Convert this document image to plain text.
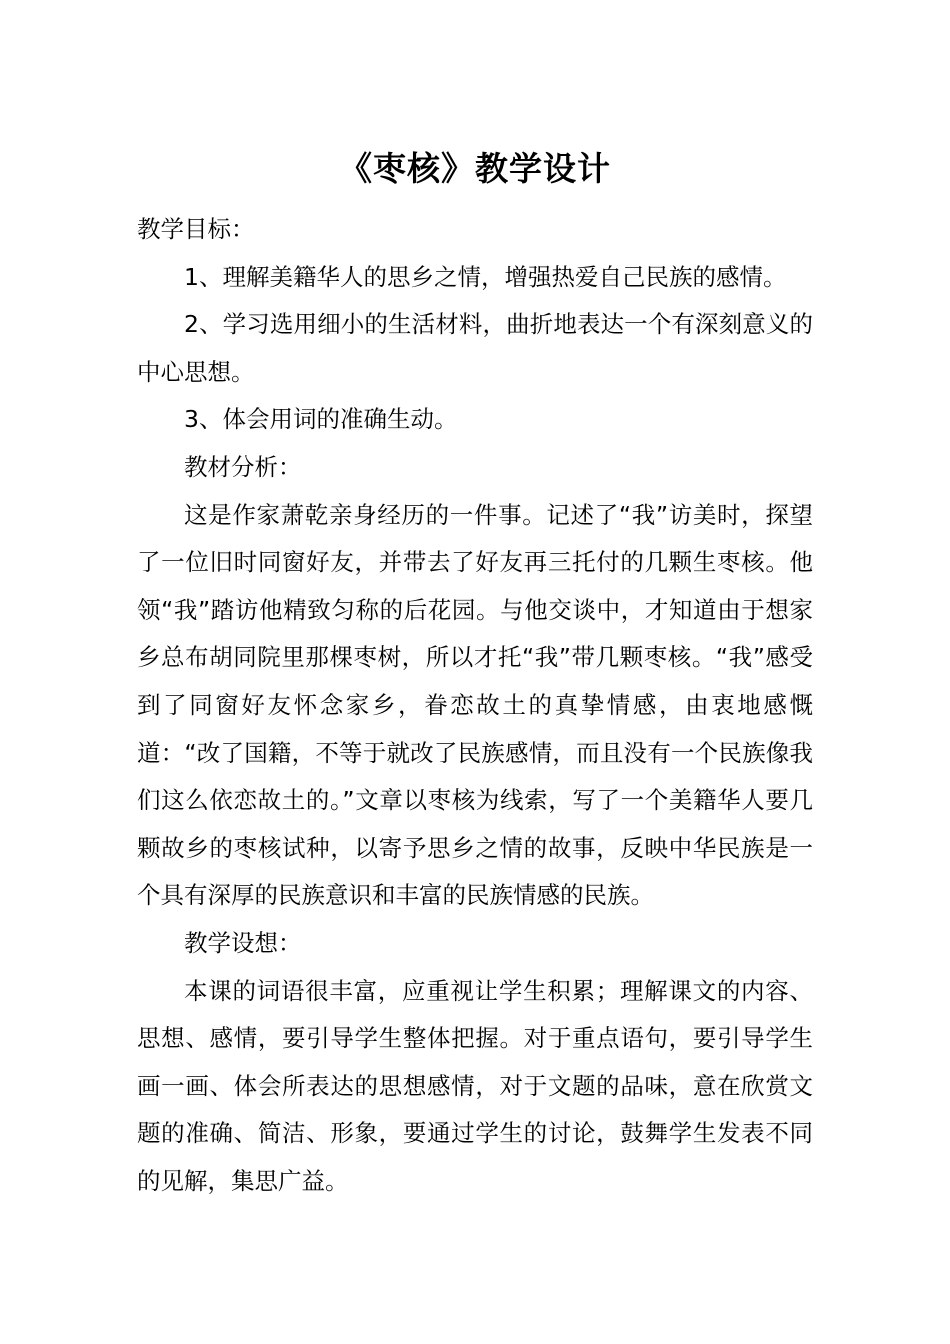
《枣核》教学设计

教学目标：

1、理解美籍华人的思乡之情，增强热爱自己民族的感情。

2、学习选用细小的生活材料，曲折地表达一个有深刻意义的中心思想。

3、体会用词的准确生动。

教材分析：

这是作家萧乾亲身经历的一件事。记述了“我”访美时，探望了一位旧时同窗好友，并带去了好友再三托付的几颗生枣核。他领“我”踏访他精致匀称的后花园。与他交谈中，才知道由于想家乡总布胡同院里那棵枣树，所以才托“我”带几颗枣核。“我”感受到了同窗好友怀念家乡，眷恋故土的真挚情感，由衷地感慨道：“改了国籍，不等于就改了民族感情，而且没有一个民族像我们这么依恋故土的。”文章以枣核为线索，写了一个美籍华人要几颗故乡的枣核试种，以寄予思乡之情的故事，反映中华民族是一个具有深厚的民族意识和丰富的民族情感的民族。

教学设想：

本课的词语很丰富，应重视让学生积累；理解课文的内容、思想、感情，要引导学生整体把握。对于重点语句，要引导学生画一画、体会所表达的思想感情，对于文题的品味，意在欣赏文题的准确、简洁、形象，要通过学生的讨论，鼓舞学生发表不同的见解，集思广益。
